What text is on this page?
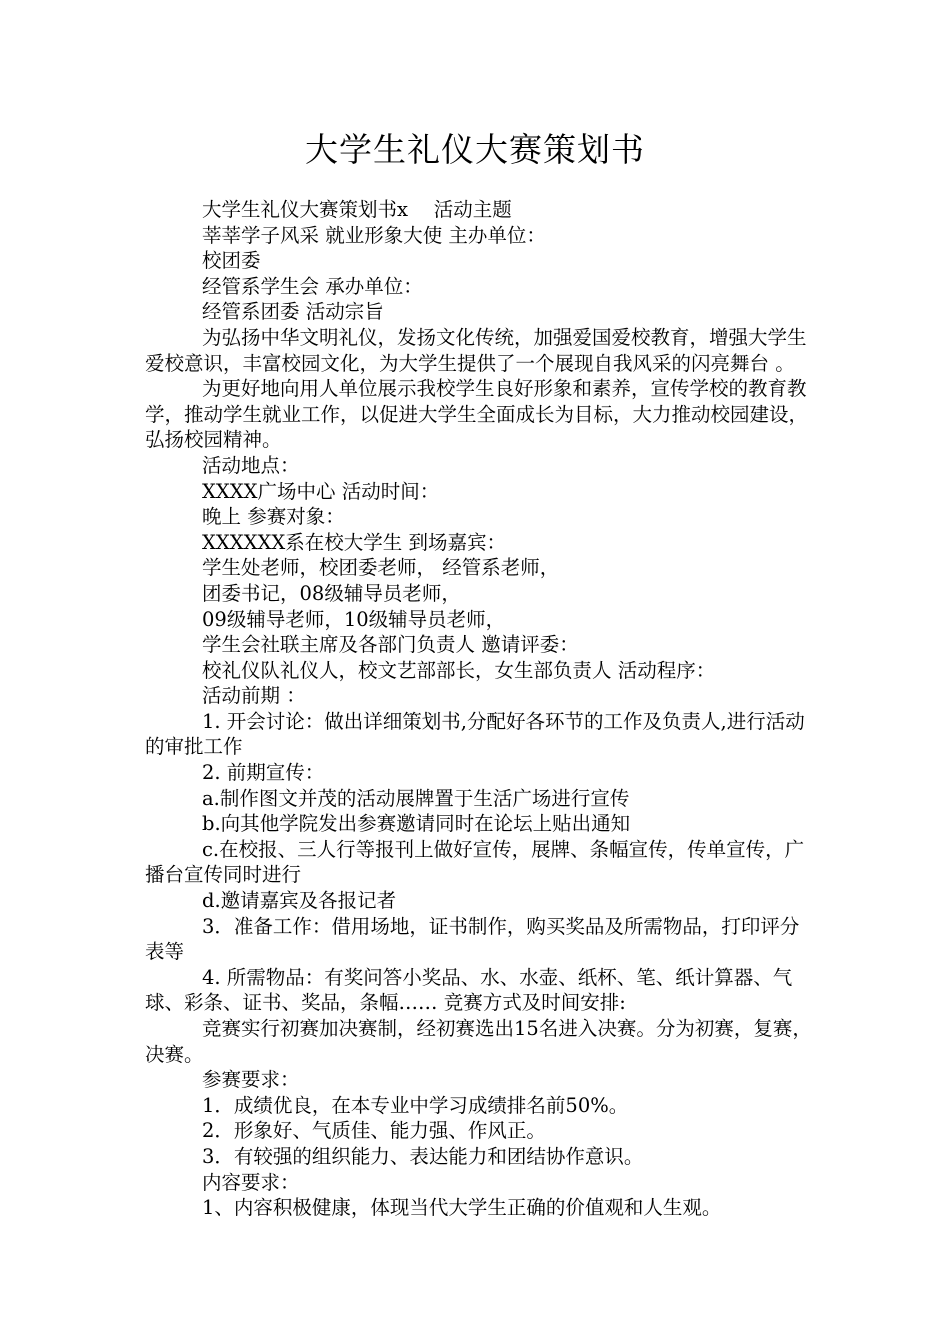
大学生礼仪大赛策划书

大学生礼仪大赛策划书x　 活动主题

莘莘学子风采 就业形象大使 主办单位：

校团委

经管系学生会 承办单位：

经管系团委 活动宗旨

为弘扬中华文明礼仪，发扬文化传统，加强爱国爱校教育，增强大学生爱校意识，丰富校园文化，为大学生提供了一个展现自我风采的闪亮舞台 。

为更好地向用人单位展示我校学生良好形象和素养，宣传学校的教育教学，推动学生就业工作，以促进大学生全面成长为目标，大力推动校园建设，弘扬校园精神。

活动地点：

XXXX广场中心 活动时间：

晚上 参赛对象：

XXXXXX系在校大学生 到场嘉宾：

学生处老师，校团委老师， 经管系老师，

团委书记，08级辅导员老师，

09级辅导老师，10级辅导员老师，

学生会社联主席及各部门负责人 邀请评委：

校礼仪队礼仪人，校文艺部部长，女生部负责人 活动程序：

活动前期 ：

1. 开会讨论：做出详细策划书,分配好各环节的工作及负责人,进行活动的审批工作

2. 前期宣传：

a.制作图文并茂的活动展牌置于生活广场进行宣传

b.向其他学院发出参赛邀请同时在论坛上贴出通知

c.在校报、三人行等报刊上做好宣传，展牌、条幅宣传，传单宣传，广播台宣传同时进行

d.邀请嘉宾及各报记者

3．准备工作：借用场地，证书制作，购买奖品及所需物品，打印评分表等

4. 所需物品：有奖问答小奖品、水、水壶、纸杯、笔、纸计算器、气球、彩条、证书、奖品，条幅…… 竞赛方式及时间安排:

竞赛实行初赛加决赛制，经初赛选出15名进入决赛。分为初赛，复赛，决赛。

参赛要求：

1．成绩优良，在本专业中学习成绩排名前50%。

2．形象好、气质佳、能力强、作风正。

3．有较强的组织能力、表达能力和团结协作意识。

内容要求：

1、内容积极健康，体现当代大学生正确的价值观和人生观。
